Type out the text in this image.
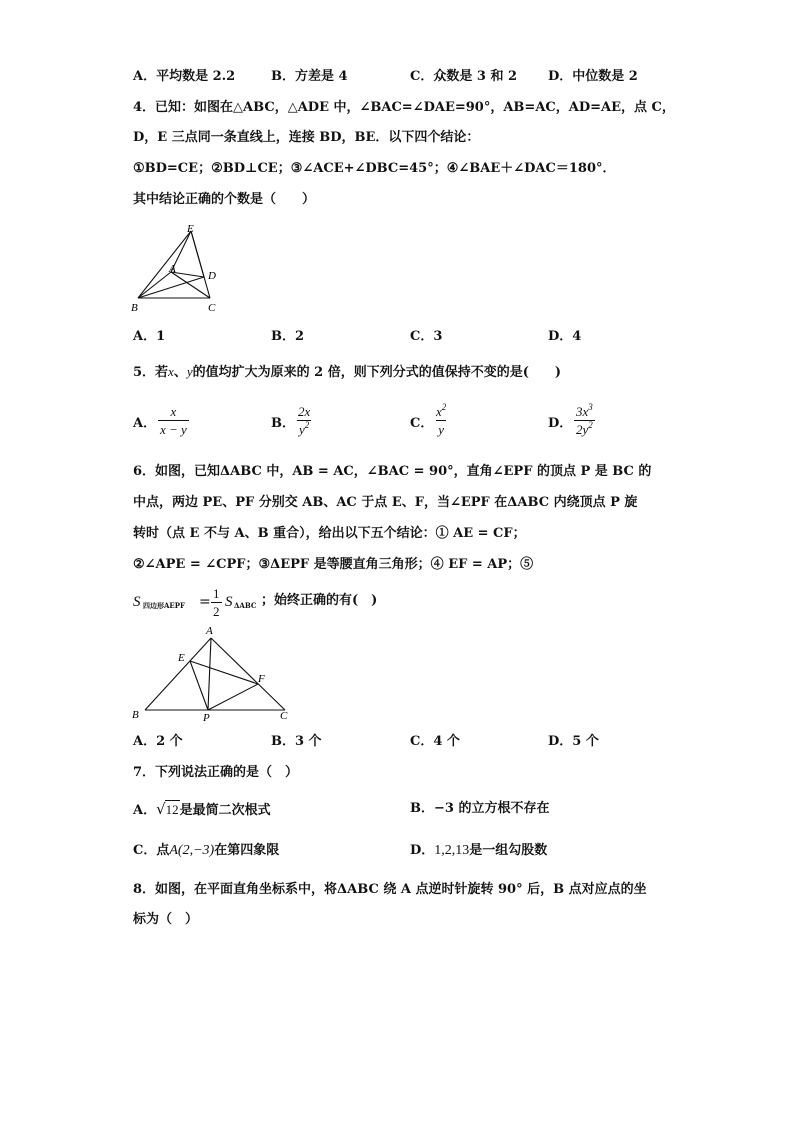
A．平均数是 2.2	B．方差是 4	C．众数是 3 和 2 D．中位数是 2
4．已知：如图在△ABC，△ADE 中，∠BAC=∠DAE=90°，AB=AC，AD=AE，点 C，
D，E 三点同一条直线上，连接 BD，BE．以下四个结论：
①BD=CE；②BD⊥CE；③∠ACE+∠DBC=45°；④∠BAE＋∠DAC＝180°．
其中结论正确的个数是（　　）
E
A
D
B	C
A．1	B．2	C．3	D．4
5．若x、y的值均扩大为原来的 2 倍，则下列分式的值保持不变的是(　　)
A． $\frac{x}{x - y}$	B． $\frac{2x}{y^2}$	C． $\frac{x^2}{y}$	D． $\frac{3x^3}{2y^2}$
6．如图，已知ΔABC 中，AB = AC，∠BAC = 90°，直角∠EPF 的顶点 P 是 BC 的
中点，两边 PE、PF 分别交 AB、AC 于点 E、F，当∠EPF 在ΔABC 内绕顶点 P 旋
转时（点 E 不与 A、B 重合），给出以下五个结论：① AE = CF；
②∠APE = ∠CPF；③ΔEPF 是等腰直角三角形；④ EF = AP；⑤
S 四边形AEPF = $\frac{1}{2}$ S ΔABC ；始终正确的有(　)
A
E
F
B	P	C
A．2 个	B．3 个	C．4 个	D．5 个
7．下列说法正确的是（　）
A．√12是最简二次根式	B．−3 的立方根不存在
C．点A(2,−3)在第四象限	D．1,2,13是一组勾股数
8．如图，在平面直角坐标系中，将ΔABC 绕 A 点逆时针旋转 90° 后，B 点对应点的坐
标为（　）
